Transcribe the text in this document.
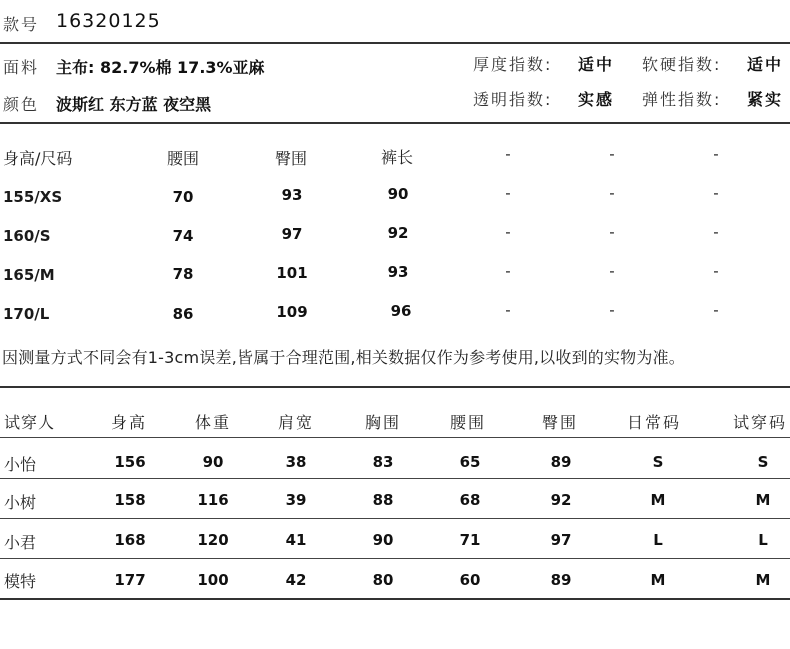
款号 16320125
面料 主布: 82.7%棉 17.3%亚麻	厚度指数: 适中 软硬指数: 适中
颜色 波斯红 东方蓝 夜空黑	透明指数: 实感 弹性指数: 紧实
身高/尺码	腰围	臀围	裤长	-	-	-
155/XS	70	93	90	-	-	-
160/S	74	97	92	-	-	-
165/M	78	101	93	-	-	-
170/L	86	109	96	-	-	-
因测量方式不同会有1-3cm误差,皆属于合理范围,相关数据仅作为参考使用,以收到的实物为准。
试穿人	身高	体重	肩宽	胸围	腰围	臀围	日常码	试穿码
小怡	156	90	38	83	65	89	S	S
小树	158	116	39	88	68	92	M	M
小君	168	120	41	90	71	97	L	L
模特	177	100	42	80	60	89	M	M
